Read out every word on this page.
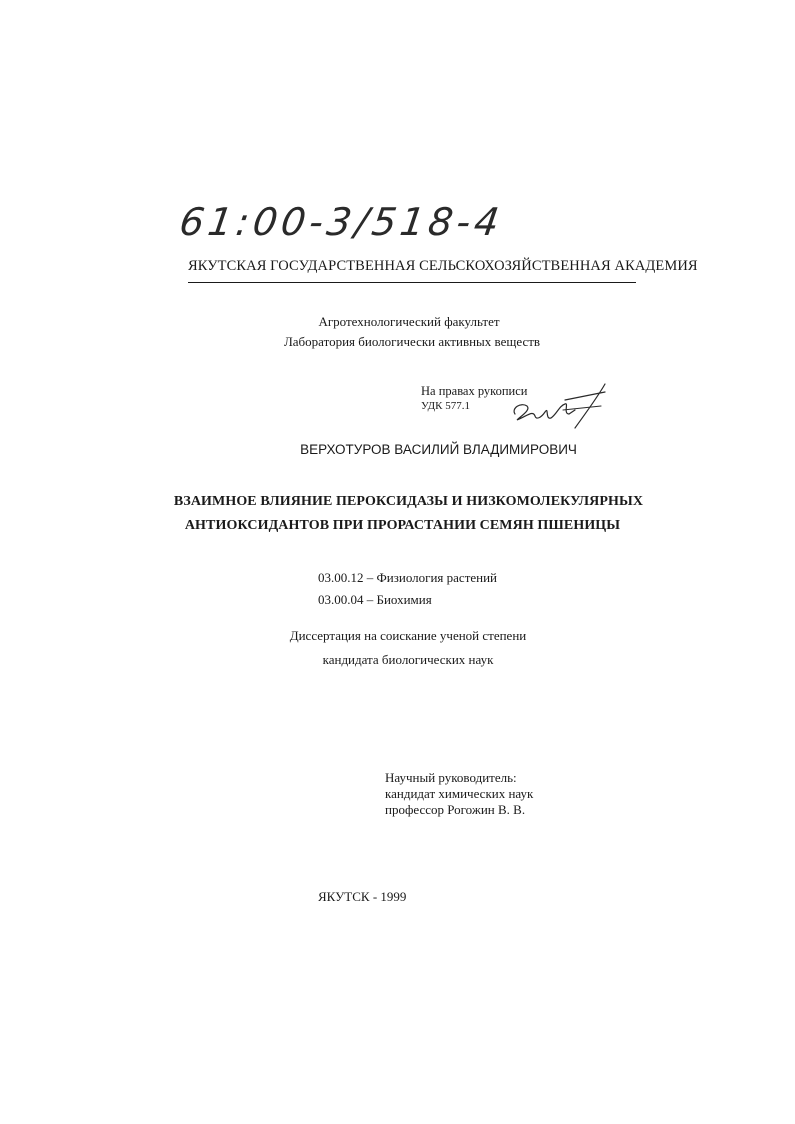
61:00-3/518-4
ЯКУТСКАЯ ГОСУДАРСТВЕННАЯ СЕЛЬСКОХОЗЯЙСТВЕННАЯ АКАДЕМИЯ
Агротехнологический факультет
Лаборатория биологически активных веществ
На правах рукописи
УДК 577.1
ВЕРХОТУРОВ ВАСИЛИЙ ВЛАДИМИРОВИЧ
ВЗАИМНОЕ ВЛИЯНИЕ ПЕРОКСИДАЗЫ И НИЗКОМОЛЕКУЛЯРНЫХ
АНТИОКСИДАНТОВ ПРИ ПРОРАСТАНИИ СЕМЯН ПШЕНИЦЫ
03.00.12 – Физиология растений
03.00.04 – Биохимия
Диссертация на соискание ученой степени
кандидата биологических наук
Научный руководитель:
кандидат химических наук
профессор Рогожин В. В.
ЯКУТСК - 1999
